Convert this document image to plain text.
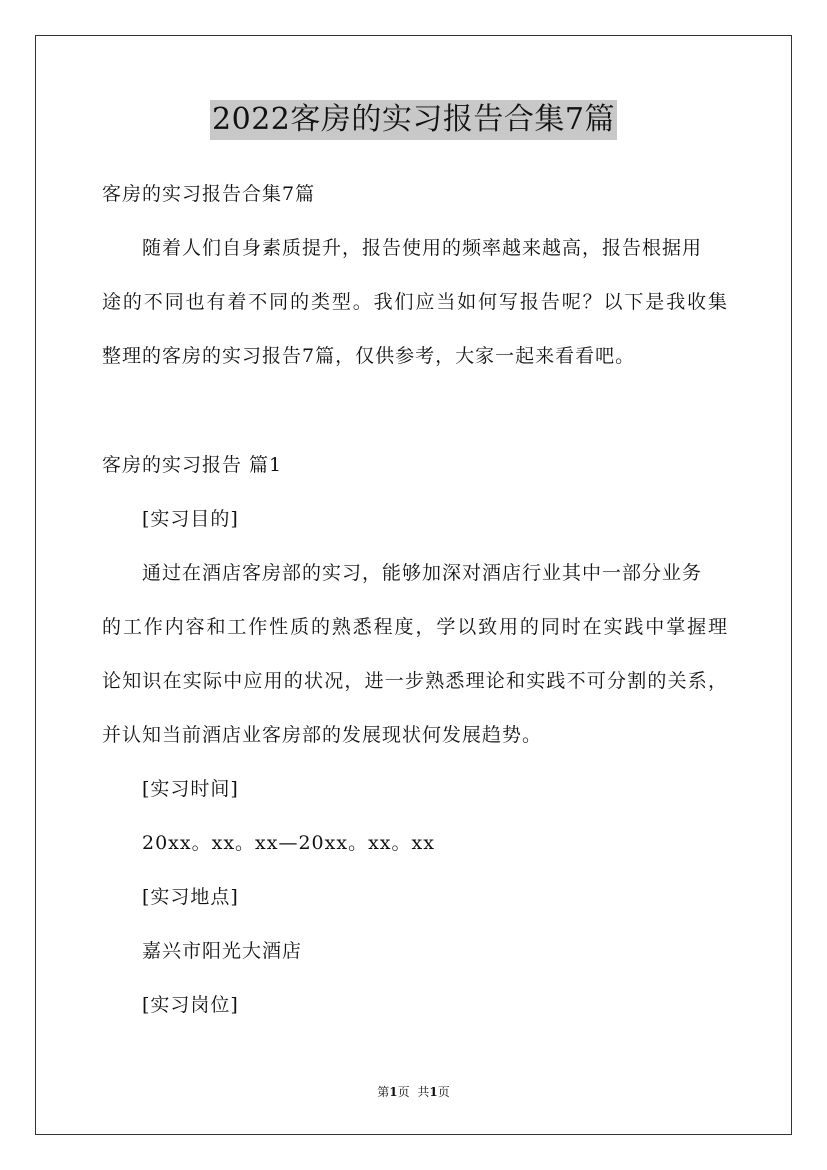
2022客房的实习报告合集7篇
客房的实习报告合集7篇
随着人们自身素质提升，报告使用的频率越来越高，报告根据用
途的不同也有着不同的类型。我们应当如何写报告呢？以下是我收集
整理的客房的实习报告7篇，仅供参考，大家一起来看看吧。
客房的实习报告 篇1
[实习目的]
通过在酒店客房部的实习，能够加深对酒店行业其中一部分业务
的工作内容和工作性质的熟悉程度，学以致用的同时在实践中掌握理
论知识在实际中应用的状况，进一步熟悉理论和实践不可分割的关系，
并认知当前酒店业客房部的发展现状何发展趋势。
[实习时间]
20xx。xx。xx—20xx。xx。xx
[实习地点]
嘉兴市阳光大酒店
[实习岗位]
第1页 共1页
